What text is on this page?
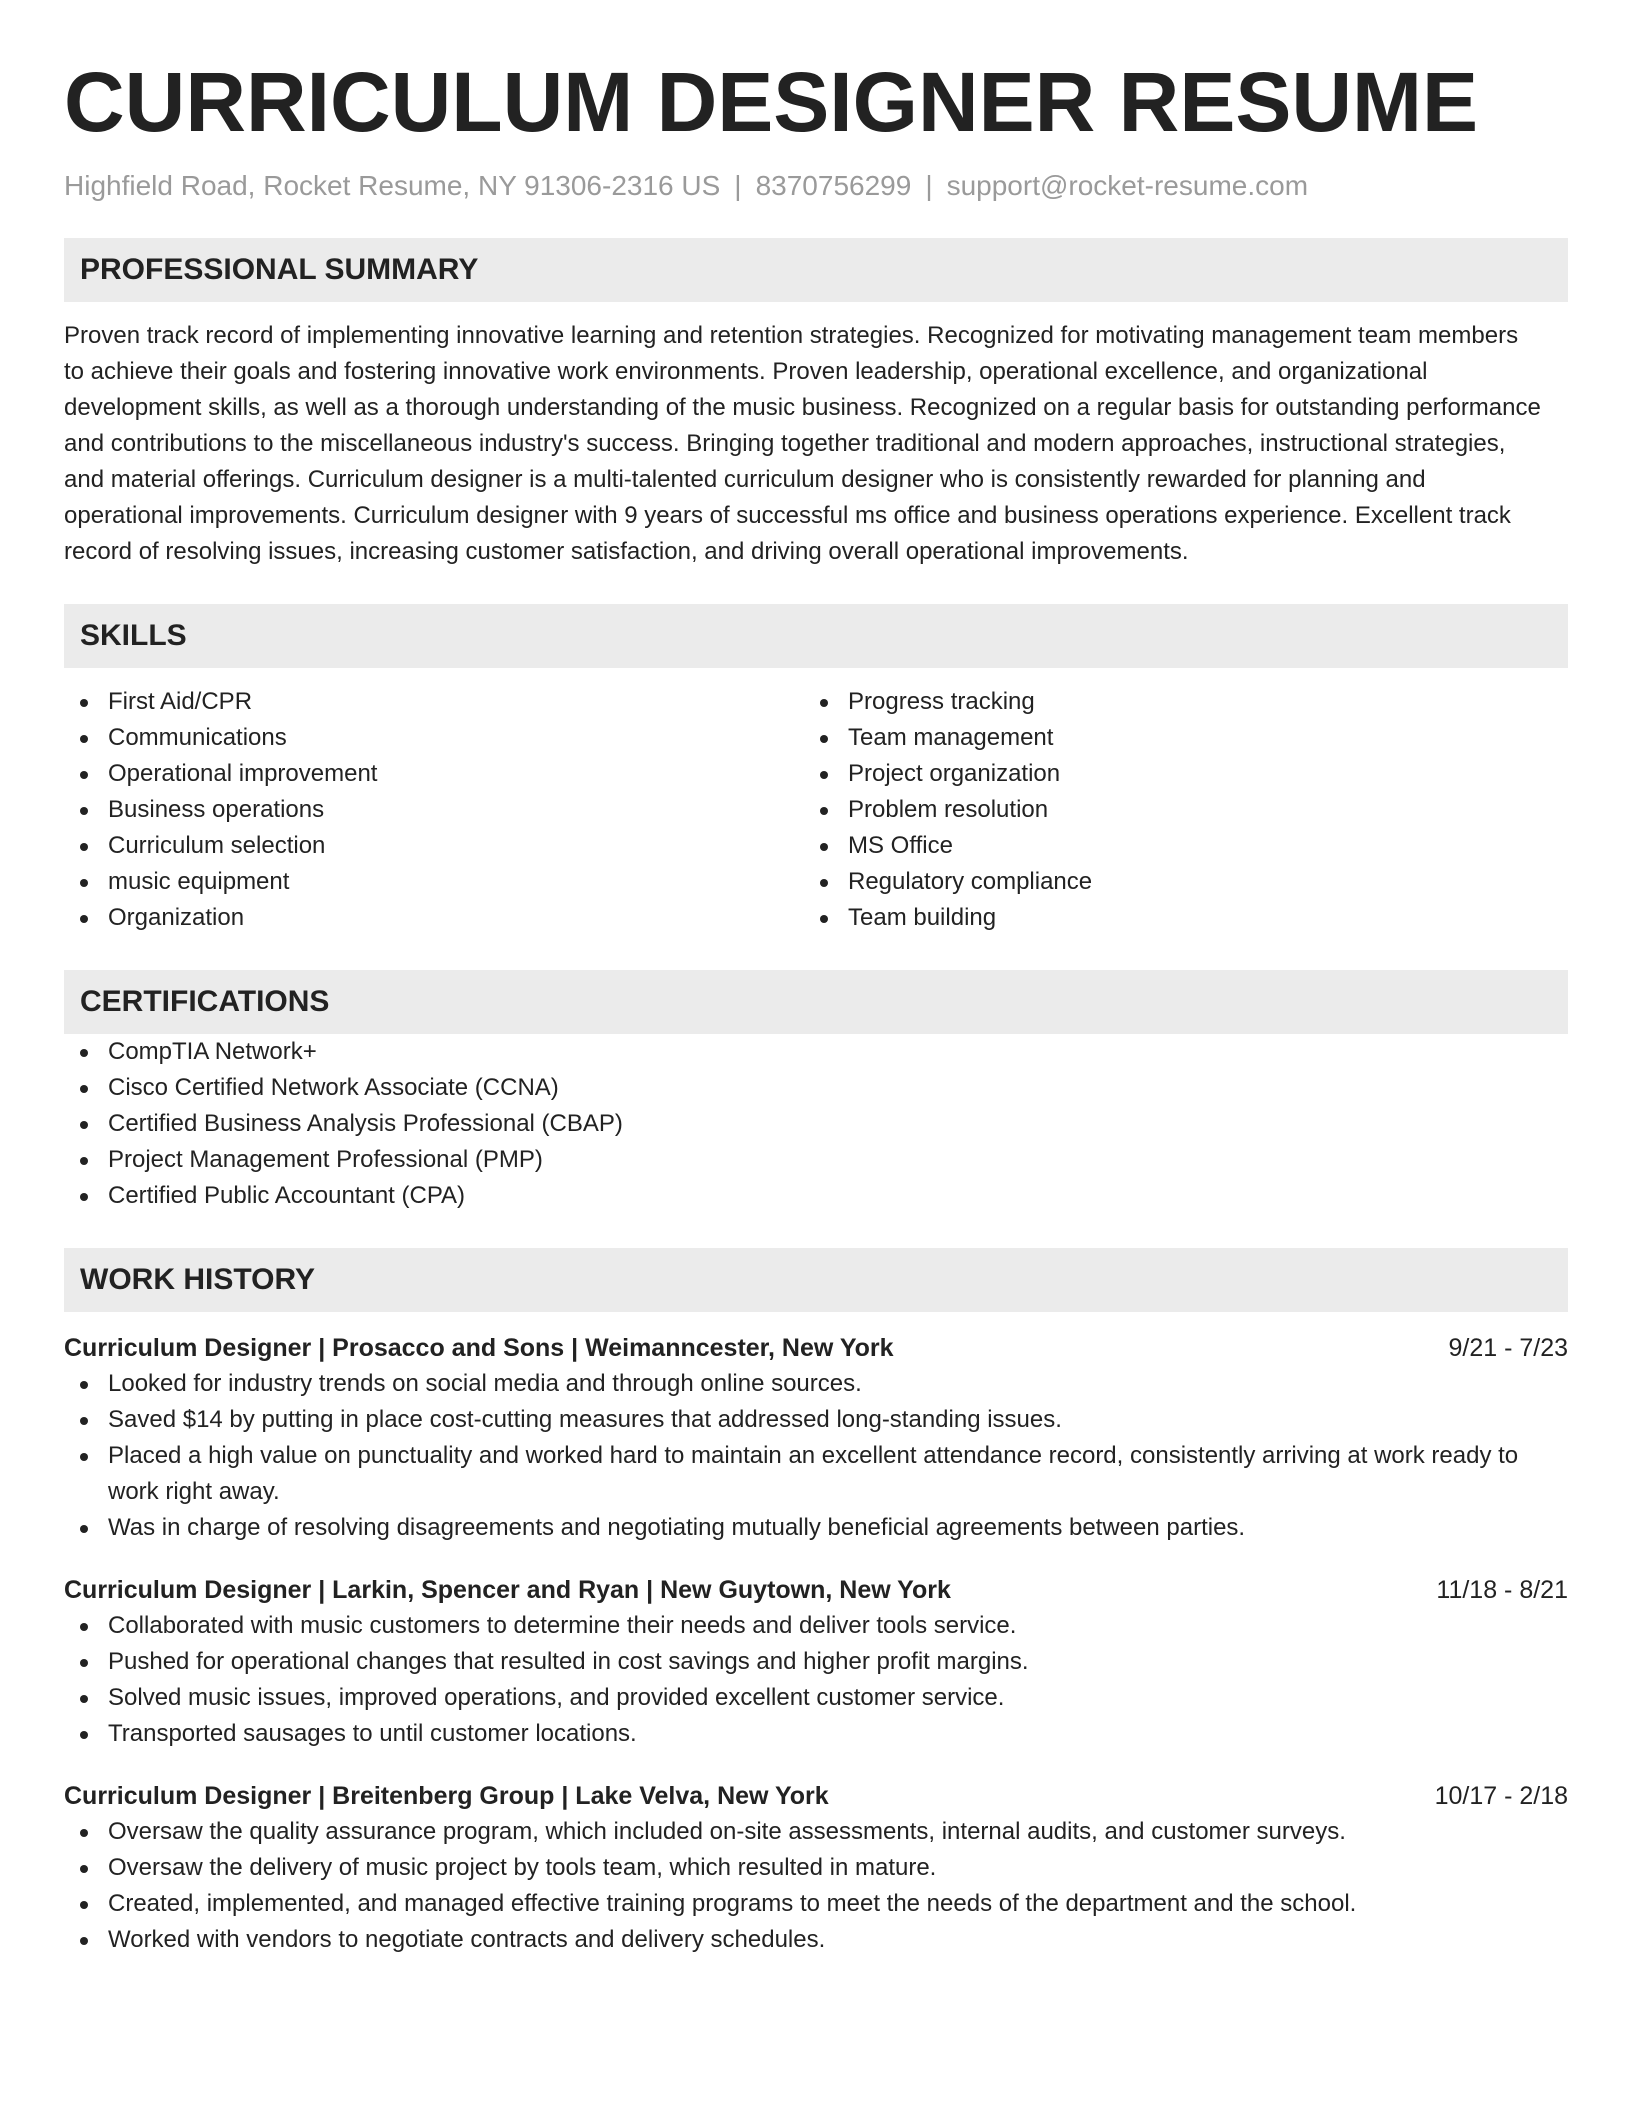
CURRICULUM DESIGNER RESUME
Highfield Road, Rocket Resume, NY 91306-2316 US | 8370756299 | support@rocket-resume.com
PROFESSIONAL SUMMARY

Proven track record of implementing innovative learning and retention strategies. Recognized for motivating management team members to achieve their goals and fostering innovative work environments. Proven leadership, operational excellence, and organizational development skills, as well as a thorough understanding of the music business. Recognized on a regular basis for outstanding performance and contributions to the miscellaneous industry's success. Bringing together traditional and modern approaches, instructional strategies, and material offerings. Curriculum designer is a multi-talented curriculum designer who is consistently rewarded for planning and operational improvements. Curriculum designer with 9 years of successful ms office and business operations experience. Excellent track record of resolving issues, increasing customer satisfaction, and driving overall operational improvements.

SKILLS
First Aid/CPR
Communications
Operational improvement
Business operations
Curriculum selection
music equipment
Organization
Progress tracking
Team management
Project organization
Problem resolution
MS Office
Regulatory compliance
Team building
CERTIFICATIONS
CompTIA Network+
Cisco Certified Network Associate (CCNA)
Certified Business Analysis Professional (CBAP)
Project Management Professional (PMP)
Certified Public Accountant (CPA)
WORK HISTORY
Curriculum Designer | Prosacco and Sons | Weimanncester, New York	9/21 - 7/23
Looked for industry trends on social media and through online sources.
Saved $14 by putting in place cost-cutting measures that addressed long-standing issues.
Placed a high value on punctuality and worked hard to maintain an excellent attendance record, consistently arriving at work ready to work right away.
Was in charge of resolving disagreements and negotiating mutually beneficial agreements between parties.
Curriculum Designer | Larkin, Spencer and Ryan | New Guytown, New York	11/18 - 8/21
Collaborated with music customers to determine their needs and deliver tools service.
Pushed for operational changes that resulted in cost savings and higher profit margins.
Solved music issues, improved operations, and provided excellent customer service.
Transported sausages to until customer locations.
Curriculum Designer | Breitenberg Group | Lake Velva, New York	10/17 - 2/18
Oversaw the quality assurance program, which included on-site assessments, internal audits, and customer surveys.
Oversaw the delivery of music project by tools team, which resulted in mature.
Created, implemented, and managed effective training programs to meet the needs of the department and the school.
Worked with vendors to negotiate contracts and delivery schedules.
